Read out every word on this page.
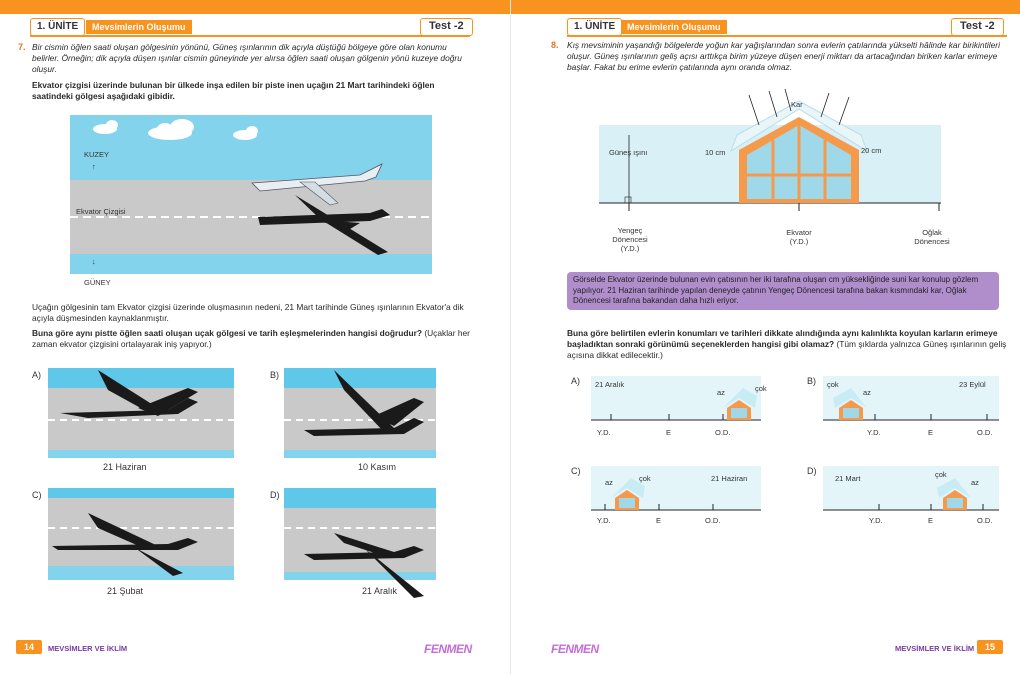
1. ÜNİTE	Mevsimlerin Oluşumu	Test -2
7. Bir cismin öğlen saati oluşan gölgesinin yönünü, Güneş ışınlarının dik açıyla düştüğü bölgeye göre olan konumu belirler. Örneğin; dik açıyla düşen ışınlar cismin güneyinde yer alırsa öğlen saati oluşan gölgenin yönü kuzeye doğru oluşur.
Ekvator çizgisi üzerinde bulunan bir ülkede inşa edilen bir piste inen uçağın 21 Mart tarihindeki öğlen saatindeki gölgesi aşağıdaki gibidir.
KUZEY
↑
Ekvator Çizgisi
↓
GÜNEY
Uçağın gölgesinin tam Ekvator çizgisi üzerinde oluşmasının nedeni, 21 Mart tarihinde Güneş ışınlarının Ekvator'a dik açıyla düşmesinden kaynaklanmıştır.
Buna göre aynı pistte öğlen saati oluşan uçak gölgesi ve tarih eşleşmelerinden hangisi doğrudur? (Uçaklar her zaman ekvator çizgisini ortalayarak iniş yapıyor.)
A)
21 Haziran
B)
10 Kasım
C)
21 Şubat
D)
21 Aralık
14	MEVSİMLER VE İKLİM	FENMEN
1. ÜNİTE	Mevsimlerin Oluşumu	Test -2
8. Kış mevsiminin yaşandığı bölgelerde yoğun kar yağışlarından sonra evlerin çatılarında yükselti hâlinde kar birikintileri oluşur. Güneş ışınlarının geliş açısı arttıkça birim yüzeye düşen enerji miktarı da artacağından biriken karlar erimeye başlar. Fakat bu erime evlerin çatılarında aynı oranda olmaz.
Güneş ışını
Kar
10 cm	20 cm
Yengeç Dönencesi (Y.D.)
Ekvator (Y.D.)
Oğlak Dönencesi
Görselde Ekvator üzerinde bulunan evin çatısının her iki tarafına oluşan cm yüksekliğinde suni kar konulup gözlem yapılıyor. 21 Haziran tarihinde yapılan deneyde çatının Yengeç Dönencesi tarafına bakan kısmındaki kar, Oğlak Dönencesi tarafına bakandan daha hızlı eriyor.
Buna göre belirtilen evlerin konumları ve tarihleri dikkate alındığında aynı kalınlıkta koyulan karların erimeye başladıktan sonraki görünümü seçeneklerden hangisi gibi olamaz? (Tüm şıklarda yalnızca Güneş ışınlarının geliş açısına dikkat edilecektir.)
A) 21 Aralık
az	çok
Y.D.	E	O.D.
B) çok
az
23 Eylül
Y.D.	E	O.D.
C)
az	çok	21 Haziran
Y.D.	E	O.D.
D)
21 Mart	çok
az
Y.D.	E	O.D.
FENMEN	MEVSİMLER VE İKLİM	15
